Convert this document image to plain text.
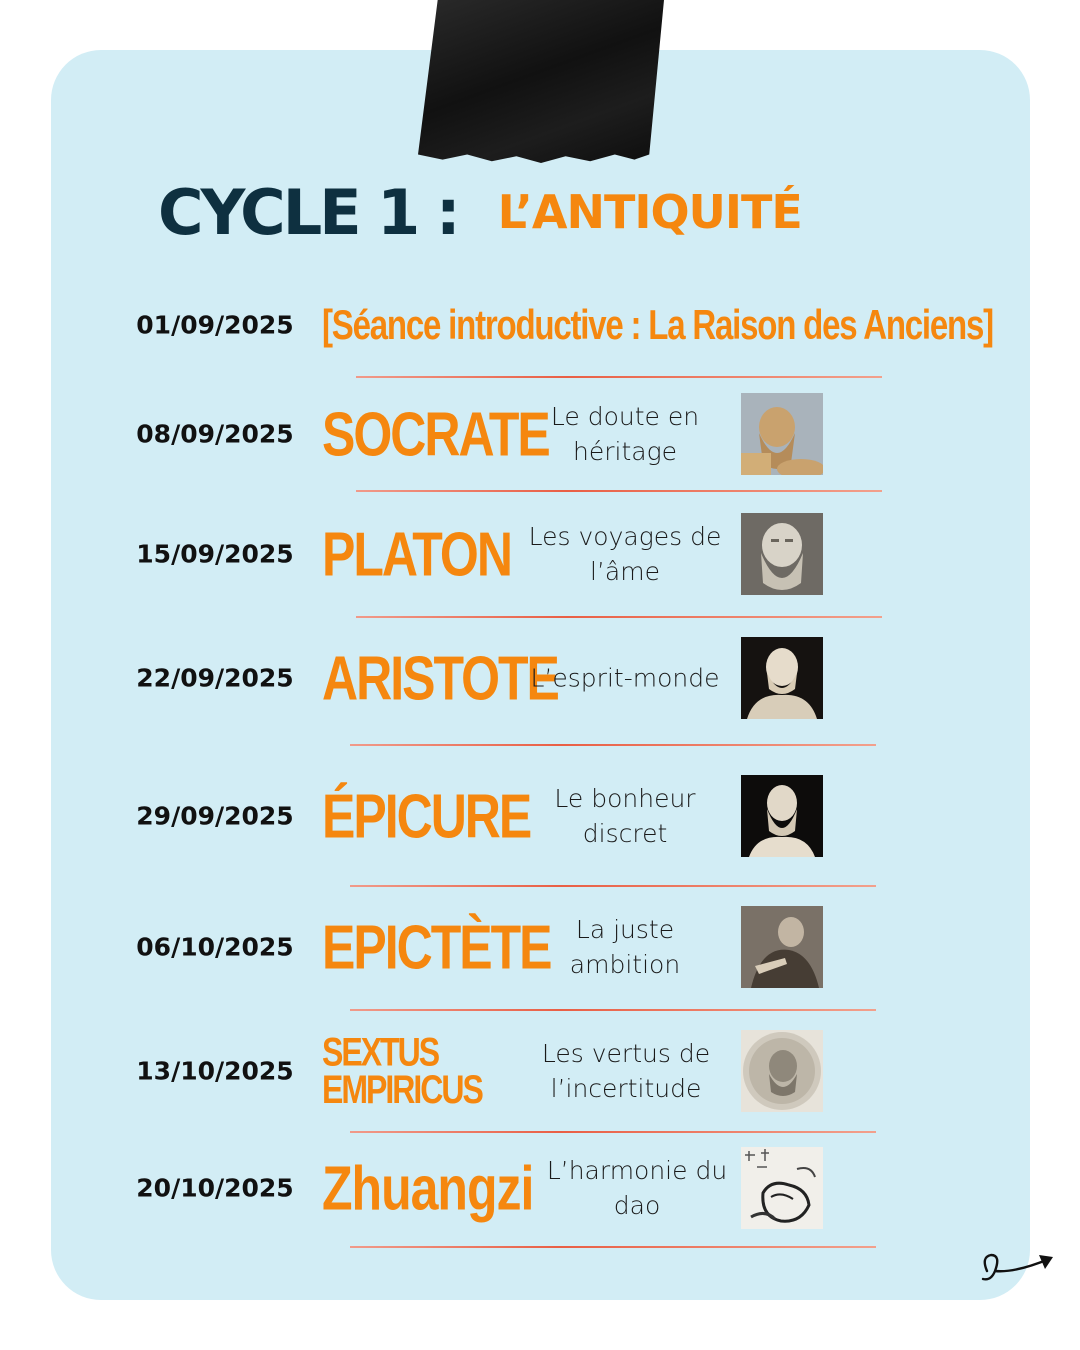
CYCLE 1 : L’ANTIQUITÉ
01/09/2025 [Séance introductive : La Raison des Anciens]
08/09/2025 SOCRATE Le doute en héritage
15/09/2025 PLATON Les voyages de l’âme
22/09/2025 ARISTOTE
L’esprit-monde
29/09/2025 ÉPICURE Le bonheur discret
06/10/2025 EPICTÈTE	La juste ambition
13/10/2025 SEXTUS EMPIRICUS
Les vertus de l’incertitude
20/10/2025 Zhuangzi L’harmonie du dao
